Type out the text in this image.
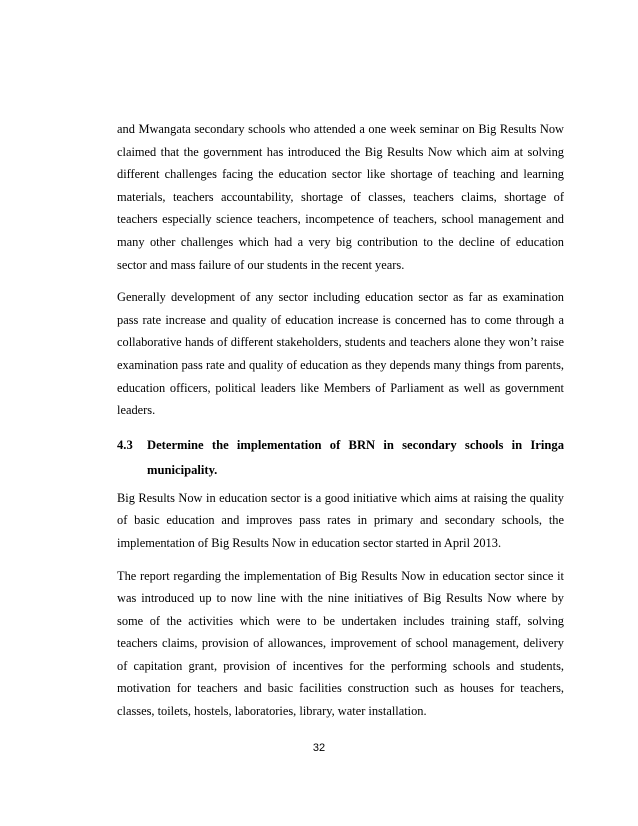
and Mwangata secondary schools who attended a one week seminar on Big Results Now claimed that the government has introduced the Big Results Now which aim at solving different challenges facing the education sector like shortage of teaching and learning materials, teachers accountability, shortage of classes, teachers claims, shortage of teachers especially science teachers, incompetence of teachers, school management and many other challenges which had a very big contribution to the decline of education sector and mass failure of our students in the recent years.

Generally development of any sector including education sector as far as examination pass rate increase and quality of education increase is concerned has to come through a collaborative hands of different stakeholders, students and teachers alone they won’t raise examination pass rate and quality of education as they depends many things from parents, education officers, political leaders like Members of Parliament as well as government leaders.

4.3	Determine the implementation of BRN in secondary schools in Iringa municipality.

Big Results Now in education sector is a good initiative which aims at raising the quality of basic education and improves pass rates in primary and secondary schools, the implementation of Big Results Now in education sector started in April 2013.

The report regarding the implementation of Big Results Now in education sector since it was introduced up to now line with the nine initiatives of Big Results Now where by some of the activities which were to be undertaken includes training staff, solving teachers claims, provision of allowances, improvement of school management, delivery of capitation grant, provision of incentives for the performing schools and students, motivation for teachers and basic facilities construction such as houses for teachers, classes, toilets, hostels, laboratories, library, water installation.

32
